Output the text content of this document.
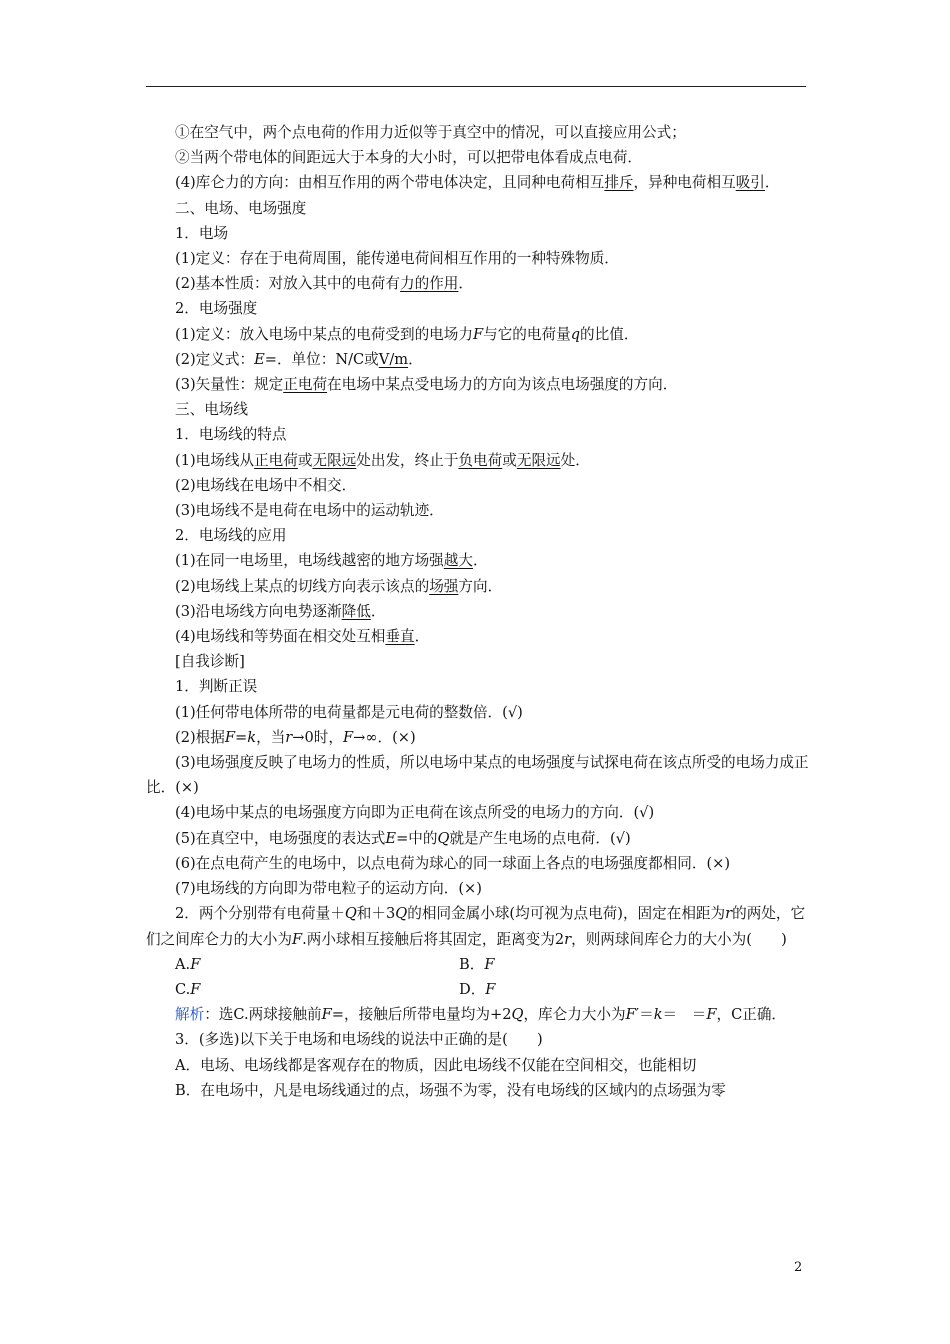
①在空气中，两个点电荷的作用力近似等于真空中的情况，可以直接应用公式；
②当两个带电体的间距远大于本身的大小时，可以把带电体看成点电荷．
(4)库仑力的方向：由相互作用的两个带电体决定，且同种电荷相互排斥，异种电荷相互吸引．
二、电场、电场强度
1．电场
(1)定义：存在于电荷周围，能传递电荷间相互作用的一种特殊物质．
(2)基本性质：对放入其中的电荷有力的作用．
2．电场强度
(1)定义：放入电场中某点的电荷受到的电场力F与它的电荷量q的比值．
(2)定义式：E=．单位：N/C或V/m．
(3)矢量性：规定正电荷在电场中某点受电场力的方向为该点电场强度的方向．
三、电场线
1．电场线的特点
(1)电场线从正电荷或无限远处出发，终止于负电荷或无限远处．
(2)电场线在电场中不相交．
(3)电场线不是电荷在电场中的运动轨迹．
2．电场线的应用
(1)在同一电场里，电场线越密的地方场强越大．
(2)电场线上某点的切线方向表示该点的场强方向．
(3)沿电场线方向电势逐渐降低．
(4)电场线和等势面在相交处互相垂直．
[自我诊断]
1．判断正误
(1)任何带电体所带的电荷量都是元电荷的整数倍．(√)
(2)根据F=k，当r→0时，F→∞．(×)
(3)电场强度反映了电场力的性质，所以电场中某点的电场强度与试探电荷在该点所受的电场力成正比．(×)
(4)电场中某点的电场强度方向即为正电荷在该点所受的电场力的方向．(√)
(5)在真空中，电场强度的表达式E=中的Q就是产生电场的点电荷．(√)
(6)在点电荷产生的电场中，以点电荷为球心的同一球面上各点的电场强度都相同．(×)
(7)电场线的方向即为带电粒子的运动方向．(×)
2．两个分别带有电荷量＋Q和＋3Q的相同金属小球(均可视为点电荷)，固定在相距为r的两处，它们之间库仑力的大小为F.两小球相互接触后将其固定，距离变为2r，则两球间库仑力的大小为(　　)
A.F	B．F
C.F	D．F
解析：选C.两球接触前F=，接触后所带电量均为+2Q，库仑力大小为F′＝k＝　＝F，C正确．
3．(多选)以下关于电场和电场线的说法中正确的是(　　)
A．电场、电场线都是客观存在的物质，因此电场线不仅能在空间相交，也能相切
B．在电场中，凡是电场线通过的点，场强不为零，没有电场线的区域内的点场强为零
2
